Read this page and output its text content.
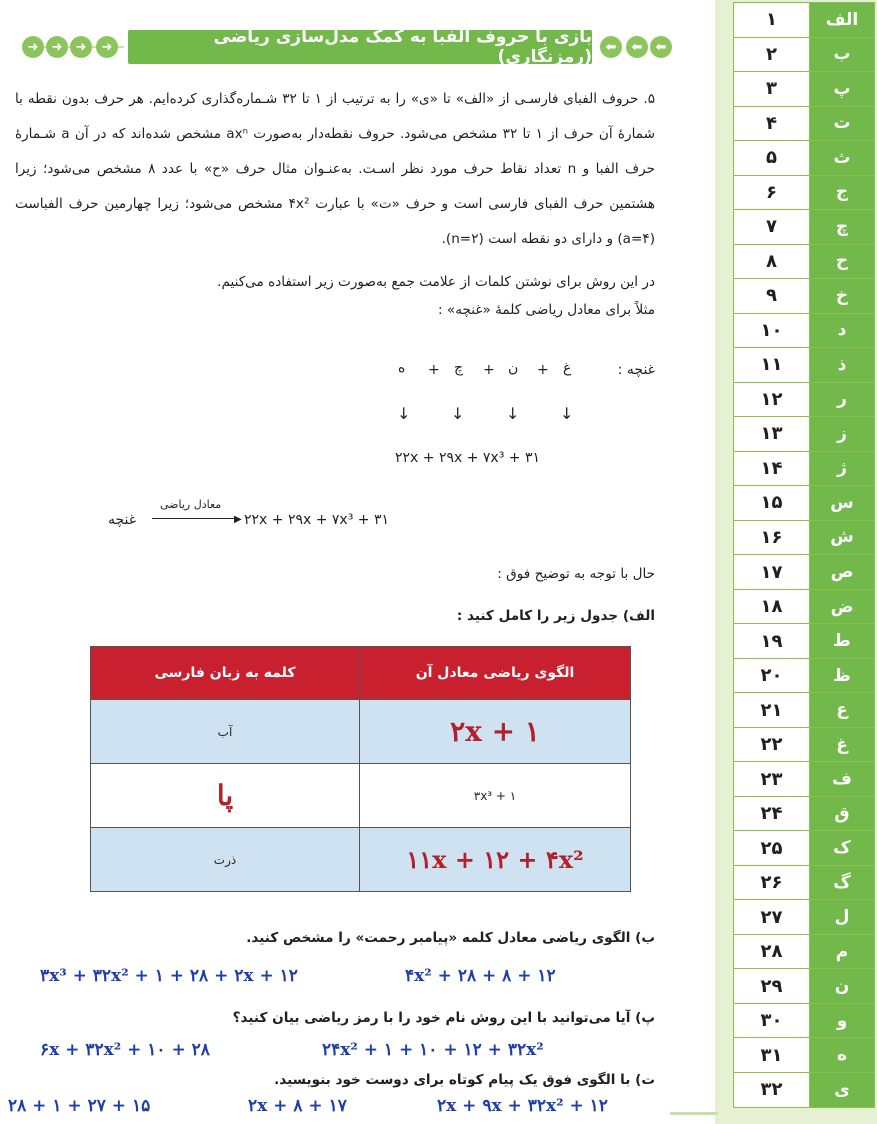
۱	الف
۲	ب
۳	پ
۴	ت
۵	ث
۶	ج
۷	چ
۸	ح
۹	خ
۱۰	د
۱۱	ذ
۱۲	ر
۱۳	ز
۱۴	ژ
۱۵	س
۱۶	ش
۱۷	ص
۱۸	ض
۱۹	ط
۲۰	ظ
۲۱	ع
۲۲	غ
۲۳	ف
۲۴	ق
۲۵	ک
۲۶	گ
۲۷	ل
۲۸	م
۲۹	ن
۳۰	و
۳۱	ه
۳۲	ی
➜	➜	➜	➜	بازی با حروف الفبا به کمک مدل‌سازی ریاضی (رمزنگاری)	⬅	⬅	⬅
۵. حروف الفبای فارسـی از «الف» تا «ی» را به ترتیب از ۱ تا ۳۲ شـماره‌گذاری کرده‌ایم. هر حرف بدون نقطه با شمارهٔ آن حرف از ۱ تا ۳۲ مشخص می‌شود. حروف نقطه‌دار به‌صورت axⁿ مشخص شده‌اند که در آن a شـمارهٔ حرف الفبا و n تعداد نقاط حرف مورد نظر اسـت. به‌عنـوان مثال حرف «ح» با عدد ۸ مشخص می‌شود؛ زیرا هشتمین حرف الفبای فارسی است و حرف «ت» با عبارت ۴x² مشخص می‌شود؛ زیرا چهارمین حرف الفباست (a=۴) و دارای دو نقطه است (n=۲).
در این روش برای نوشتن کلمات از علامت جمع به‌صورت زیر استفاده می‌کنیم.
مثلاً برای معادل ریاضی کلمهٔ «غنچه» :
غنچه :
غ
+
ن
+
چ
+
ه
↓
↓
↓
↓
۲۲x + ۲۹x + ۷x³ + ۳۱
غنچه	▶
معادل ریاضی
۲۲x + ۲۹x + ۷x³ + ۳۱
حال با توجه به توضیح فوق :
الف) جدول زیر را کامل کنید :
الگوی ریاضی معادل آن	کلمه به زبان فارسی
۱ + ۲x	آب
۳x³ + ۱	پا
۱۱x + ۱۲ + ۴x²	ذرت
ب) الگوی ریاضی معادل کلمه «پیامبر رحمت» را مشخص کنید.
۳x³ + ۳۲x² + ۱ + ۲۸ + ۲x + ۱۲	۱۲ + ۸ + ۲۸ + ۴x²
پ) آیا می‌توانید با این روش نام خود را با رمز ریاضی بیان کنید؟
۲۸ + ۶x + ۳۲x² + ۱۰	۲۴x² + ۱ + ۱۰ + ۱۲ + ۳۲x²
ت) با الگوی فوق یک پیام کوتاه برای دوست خود بنویسید.
۱۵ + ۲۷ + ۱ + ۲۸	۱۷ + ۲x + ۸	۲x + ۹x + ۳۲x² + ۱۲
